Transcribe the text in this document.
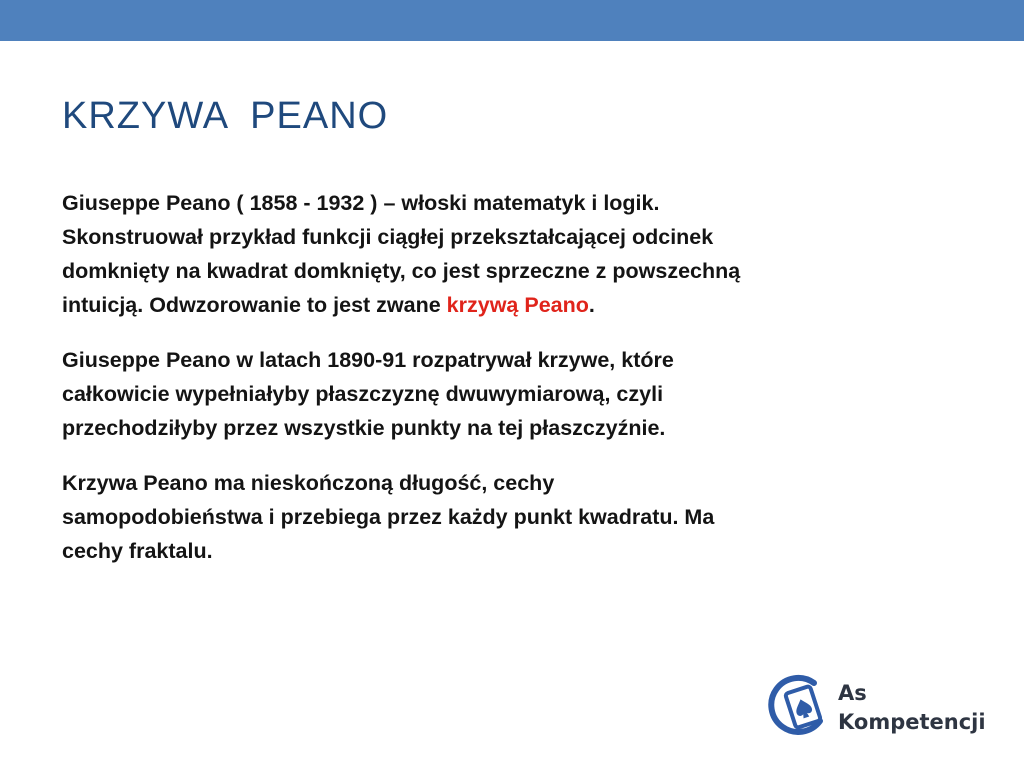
KRZYWA  PEANO

Giuseppe Peano ( 1858 - 1932 ) – włoski matematyk i logik.
Skonstruował przykład funkcji ciągłej przekształcającej odcinek
domknięty na kwadrat domknięty, co jest sprzeczne z powszechną
intuicją. Odwzorowanie to jest zwane krzywą Peano.

Giuseppe Peano w latach 1890-91 rozpatrywał krzywe, które
całkowicie wypełniałyby płaszczyznę dwuwymiarową, czyli
przechodziłyby przez wszystkie punkty na tej płaszczyźnie.

Krzywa Peano ma nieskończoną długość, cechy
samopodobieństwa i przebiega przez każdy punkt kwadratu. Ma
cechy fraktalu.

As
Kompetencji
